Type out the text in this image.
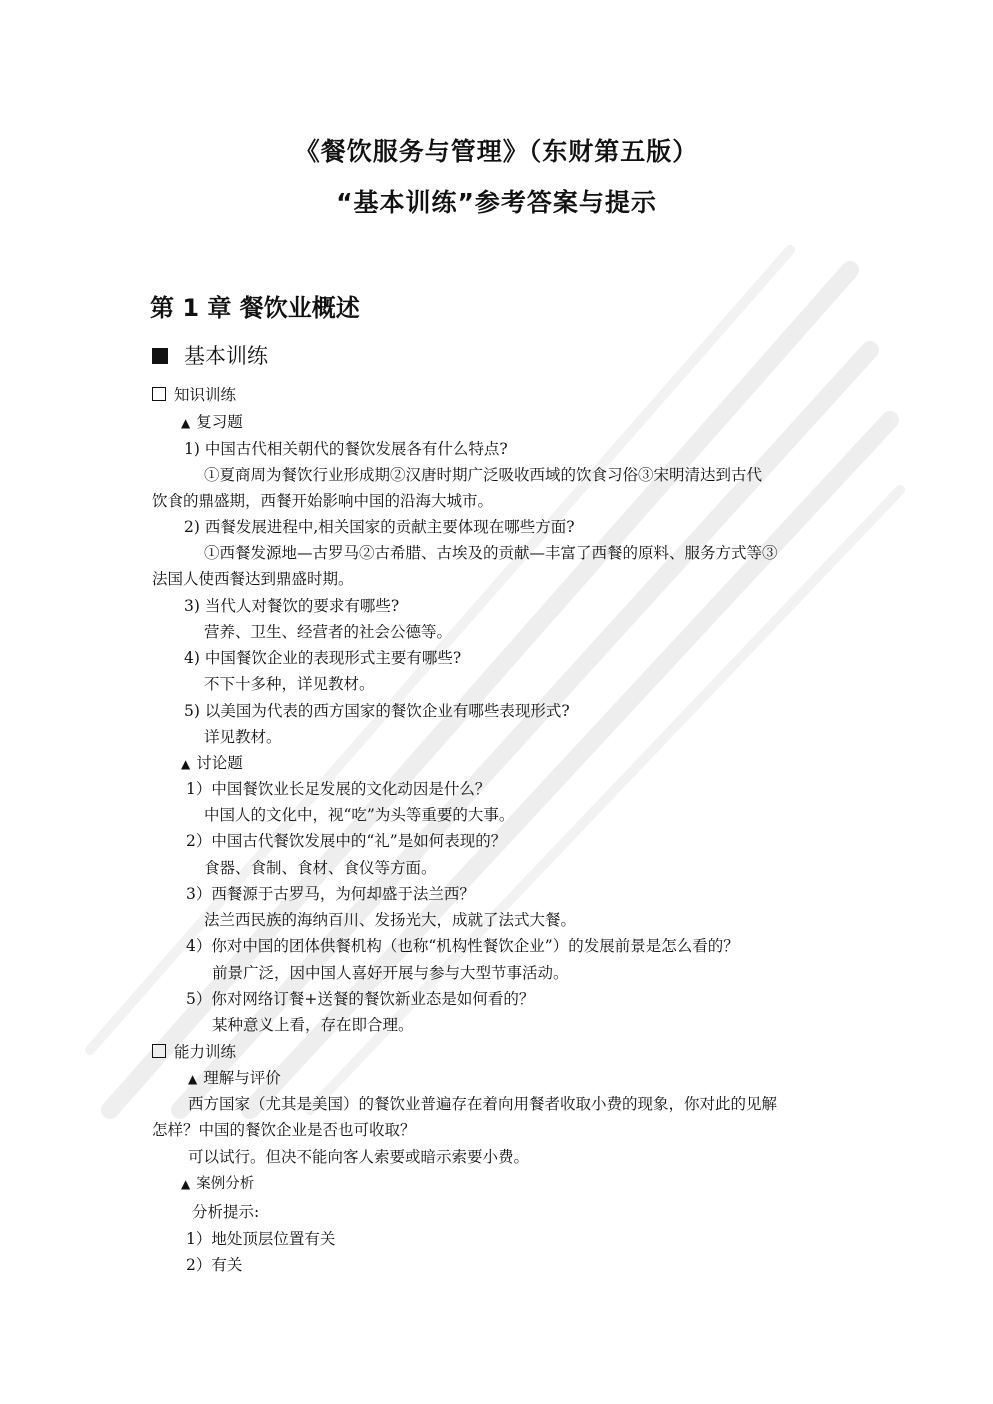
《餐饮服务与管理》（东财第五版）
“基本训练”参考答案与提示
第 1 章 餐饮业概述
基本训练
知识训练
▲ 复习题
1) 中国古代相关朝代的餐饮发展各有什么特点?
①夏商周为餐饮行业形成期②汉唐时期广泛吸收西域的饮食习俗③宋明清达到古代
饮食的鼎盛期，西餐开始影响中国的沿海大城市。
2) 西餐发展进程中,相关国家的贡献主要体现在哪些方面?
①西餐发源地—古罗马②古希腊、古埃及的贡献—丰富了西餐的原料、服务方式等③
法国人使西餐达到鼎盛时期。
3) 当代人对餐饮的要求有哪些?
营养、卫生、经营者的社会公德等。
4) 中国餐饮企业的表现形式主要有哪些?
不下十多种，详见教材。
5) 以美国为代表的西方国家的餐饮企业有哪些表现形式?
详见教材。
▲ 讨论题
1）中国餐饮业长足发展的文化动因是什么？
中国人的文化中，视“吃”为头等重要的大事。
2）中国古代餐饮发展中的“礼”是如何表现的？
食器、食制、食材、食仪等方面。
3）西餐源于古罗马，为何却盛于法兰西？
法兰西民族的海纳百川、发扬光大，成就了法式大餐。
4）你对中国的团体供餐机构（也称“机构性餐饮企业”）的发展前景是怎么看的？
前景广泛，因中国人喜好开展与参与大型节事活动。
5）你对网络订餐+送餐的餐饮新业态是如何看的？
某种意义上看，存在即合理。
能力训练
▲ 理解与评价
西方国家（尤其是美国）的餐饮业普遍存在着向用餐者收取小费的现象，你对此的见解
怎样？中国的餐饮企业是否也可收取？
可以试行。但决不能向客人索要或暗示索要小费。
▲ 案例分析
分析提示:
1）地处顶层位置有关
2）有关
